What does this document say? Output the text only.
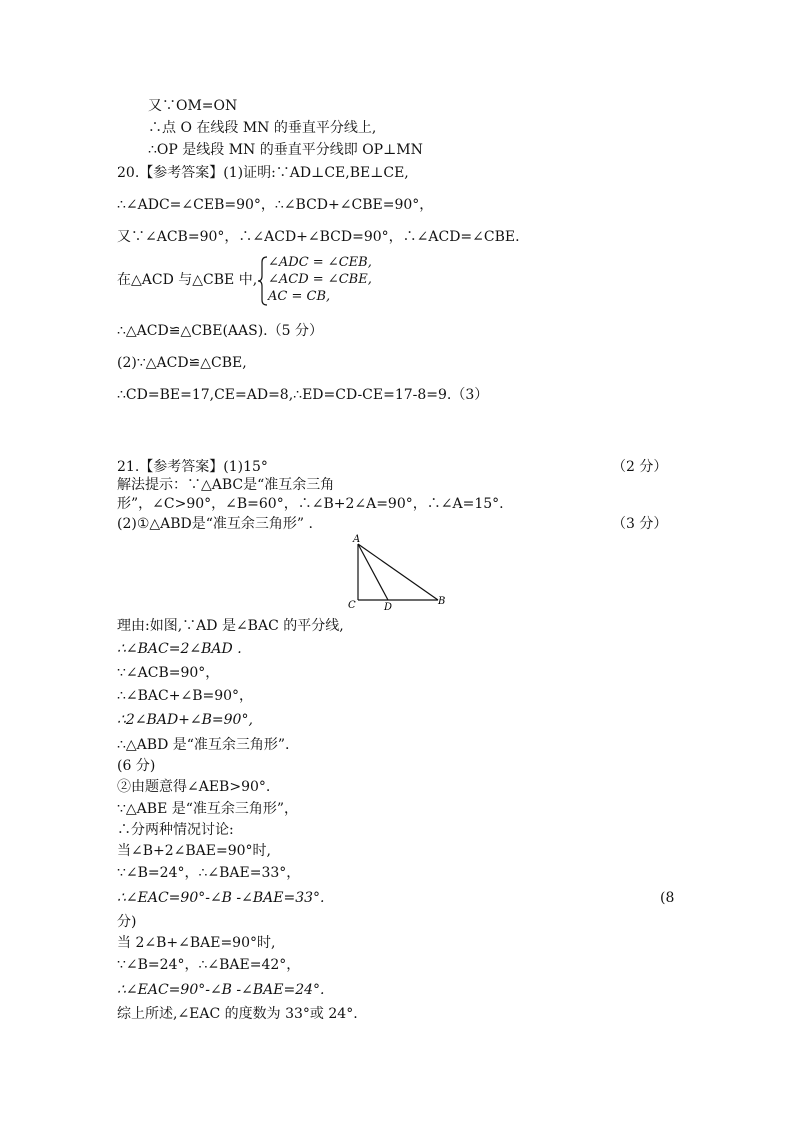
又∵OM=ON
∴点 O 在线段 MN 的垂直平分线上,
∴OP 是线段 MN 的垂直平分线即 OP⊥MN
20.【参考答案】(1)证明:∵AD⊥CE,BE⊥CE,
∴∠ADC=∠CEB=90°，∴∠BCD+∠CBE=90°，
又∵∠ACB=90°，∴∠ACD+∠BCD=90°，∴∠ACD=∠CBE.
在△ACD 与△CBE 中,
∠ADC = ∠CEB,
∠ACD = ∠CBE,
AC = CB,
∴△ACD≌△CBE(AAS).（5 分）
(2)∵△ACD≌△CBE,
∴CD=BE=17,CE=AD=8,∴ED=CD-CE=17-8=9.（3）
21.【参考答案】(1)15°	（2 分）
解法提示：∵△ABC是“准互余三角
形”，∠C>90°，∠B=60°，∴∠B+2∠A=90°，∴∠A=15°.
(2)①△ABD是“准互余三角形” .	（3 分）
A
C	D
B
理由:如图,∵AD 是∠BAC 的平分线,
∴∠BAC=2∠BAD .
∵∠ACB=90°，
∴∠BAC+∠B=90°，
∴2∠BAD+∠B=90°,
∴△ABD 是“准互余三角形”.
(6 分)
②由题意得∠AEB>90°.
∵△ABE 是“准互余三角形”，
∴分两种情况讨论:
当∠B+2∠BAE=90°时,
∵∠B=24°，∴∠BAE=33°，
∴∠EAC=90°-∠B -∠BAE=33°.	(8
分)
当 2∠B+∠BAE=90°时,
∵∠B=24°，∴∠BAE=42°，
∴∠EAC=90°-∠B -∠BAE=24°.
综上所述,∠EAC 的度数为 33°或 24°.
